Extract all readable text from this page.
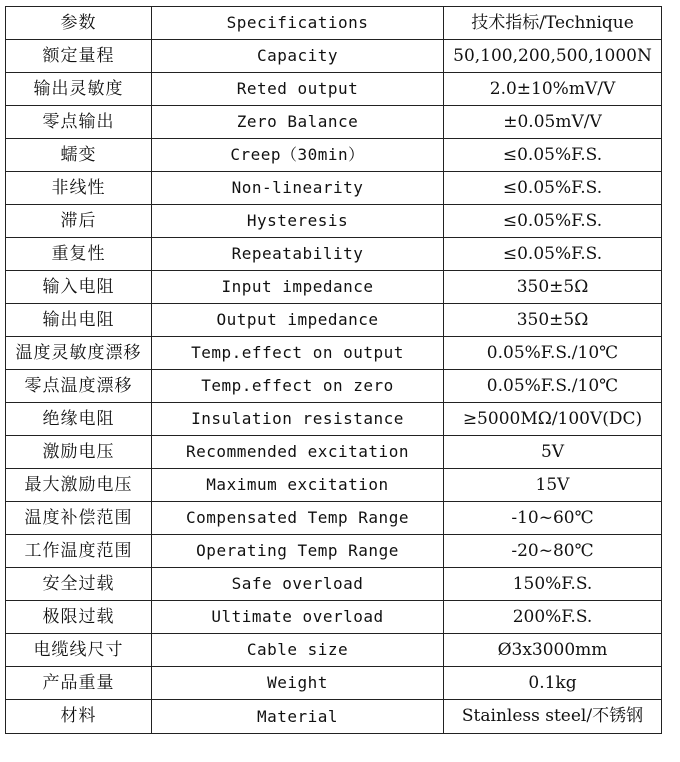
参数	Specifications	技术指标/Technique
额定量程	Capacity	50,100,200,500,1000N
输出灵敏度	Reted output	2.0±10%mV/V
零点输出	Zero Balance	±0.05mV/V
蠕变	Creep（30min）	≤0.05%F.S.
非线性	Non-linearity	≤0.05%F.S.
滞后	Hysteresis	≤0.05%F.S.
重复性	Repeatability	≤0.05%F.S.
输入电阻	Input impedance	350±5Ω
输出电阻	Output impedance	350±5Ω
温度灵敏度漂移	Temp.effect on output	0.05%F.S./10℃
零点温度漂移	Temp.effect on zero	0.05%F.S./10℃
绝缘电阻	Insulation resistance	≥5000MΩ/100V(DC)
激励电压	Recommended excitation	5V
最大激励电压	Maximum excitation	15V
温度补偿范围	Compensated Temp Range	-10~60℃
工作温度范围	Operating Temp Range	-20~80℃
安全过载	Safe overload	150%F.S.
极限过载	Ultimate overload	200%F.S.
电缆线尺寸	Cable size	Ø3x3000mm
产品重量	Weight	0.1kg
材料	Material	Stainless steel/不锈钢
